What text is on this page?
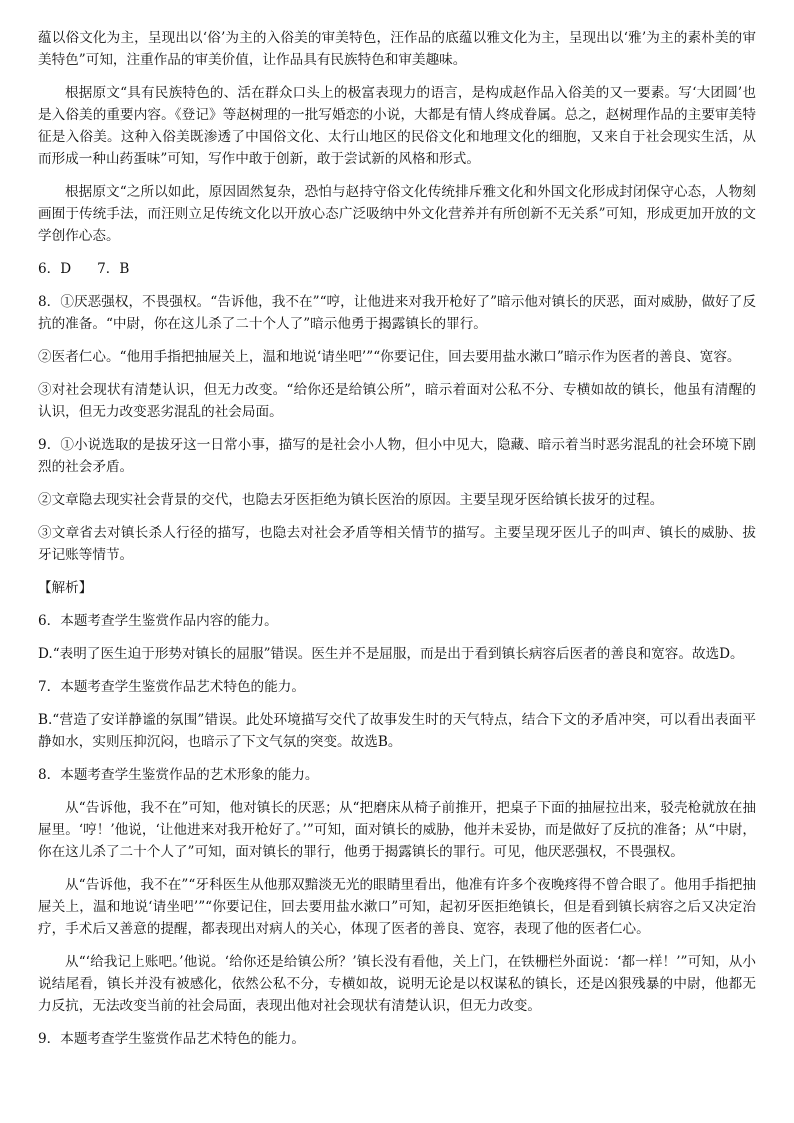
蕴以俗文化为主，呈现出以‘俗’为主的入俗美的审美特色，汪作品的底蕴以雅文化为主，呈现出以‘雅’为主的素朴美的审美特色”可知，注重作品的审美价值，让作品具有民族特色和审美趣味。

根据原文“具有民族特色的、活在群众口头上的极富表现力的语言，是构成赵作品入俗美的又一要素。写‘大团圆’也是入俗美的重要内容。《登记》等赵树理的一批写婚恋的小说，大都是有情人终成眷属。总之，赵树理作品的主要审美特征是入俗美。这种入俗美既渗透了中国俗文化、太行山地区的民俗文化和地理文化的细胞，又来自于社会现实生活，从而形成一种山药蛋味”可知，写作中敢于创新，敢于尝试新的风格和形式。

根据原文“之所以如此，原因固然复杂，恐怕与赵持守俗文化传统排斥雅文化和外国文化形成封闭保守心态，人物刻画囿于传统手法，而汪则立足传统文化以开放心态广泛吸纳中外文化营养并有所创新不无关系”可知，形成更加开放的文学创作心态。

6．D 7．B

8．①厌恶强权，不畏强权。“告诉他，我不在”“哼，让他进来对我开枪好了”暗示他对镇长的厌恶，面对威胁，做好了反抗的准备。“中尉，你在这儿杀了二十个人了”暗示他勇于揭露镇长的罪行。

②医者仁心。“他用手指把抽屉关上，温和地说‘请坐吧’”“你要记住，回去要用盐水漱口”暗示作为医者的善良、宽容。

③对社会现状有清楚认识，但无力改变。“给你还是给镇公所”，暗示着面对公私不分、专横如故的镇长，他虽有清醒的认识，但无力改变恶劣混乱的社会局面。

9．①小说选取的是拔牙这一日常小事，描写的是社会小人物，但小中见大，隐藏、暗示着当时恶劣混乱的社会环境下剧烈的社会矛盾。

②文章隐去现实社会背景的交代，也隐去牙医拒绝为镇长医治的原因。主要呈现牙医给镇长拔牙的过程。

③文章省去对镇长杀人行径的描写，也隐去对社会矛盾等相关情节的描写。主要呈现牙医儿子的叫声、镇长的威胁、拔牙记账等情节。

【解析】

6．本题考查学生鉴赏作品内容的能力。

D.“表明了医生迫于形势对镇长的屈服”错误。医生并不是屈服，而是出于看到镇长病容后医者的善良和宽容。故选D。

7．本题考查学生鉴赏作品艺术特色的能力。

B.“营造了安详静谧的氛围”错误。此处环境描写交代了故事发生时的天气特点，结合下文的矛盾冲突，可以看出表面平静如水，实则压抑沉闷，也暗示了下文气氛的突变。故选B。

8．本题考查学生鉴赏作品的艺术形象的能力。

从“告诉他，我不在”可知，他对镇长的厌恶；从“把磨床从椅子前推开，把桌子下面的抽屉拉出来，驳壳枪就放在抽屉里。‘哼！’他说，‘让他进来对我开枪好了。’”可知，面对镇长的威胁，他并未妥协，而是做好了反抗的准备；从“中尉，你在这儿杀了二十个人了”可知，面对镇长的罪行，他勇于揭露镇长的罪行。可见，他厌恶强权，不畏强权。

从“告诉他，我不在”“牙科医生从他那双黯淡无光的眼睛里看出，他准有许多个夜晚疼得不曾合眼了。他用手指把抽屉关上，温和地说‘请坐吧’”“你要记住，回去要用盐水漱口”可知，起初牙医拒绝镇长，但是看到镇长病容之后又决定治疗，手术后又善意的提醒，都表现出对病人的关心，体现了医者的善良、宽容，表现了他的医者仁心。

从“‘给我记上账吧。’他说。‘给你还是给镇公所？’镇长没有看他，关上门，在铁栅栏外面说：‘都一样！’”可知，从小说结尾看，镇长并没有被感化，依然公私不分，专横如故，说明无论是以权谋私的镇长，还是凶狠残暴的中尉，他都无力反抗，无法改变当前的社会局面，表现出他对社会现状有清楚认识，但无力改变。

9．本题考查学生鉴赏作品艺术特色的能力。
